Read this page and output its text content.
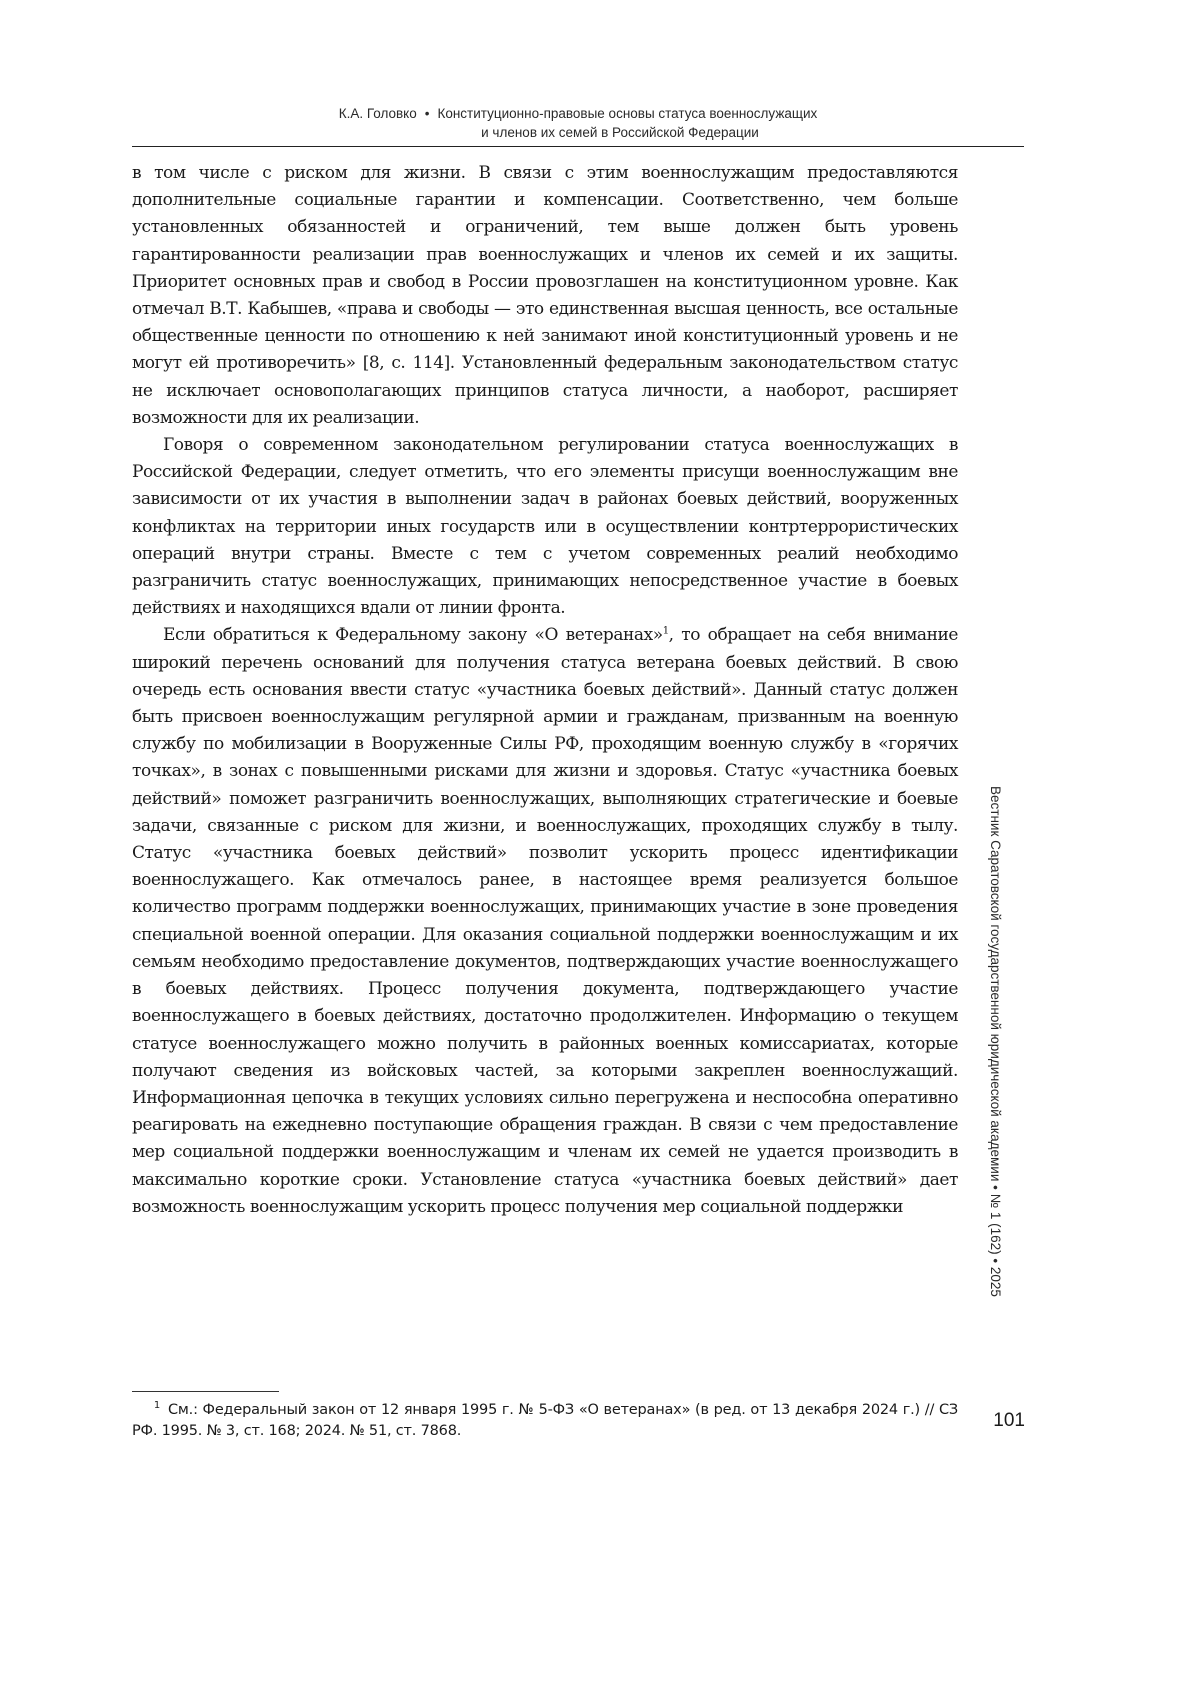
К.А. Головко • Конституционно-правовые основы статуса военнослужащих
и членов их семей в Российской Федерации

в том числе с риском для жизни. В связи с этим военнослужащим предоставляются дополнительные социальные гарантии и компенсации. Соответственно, чем больше установленных обязанностей и ограничений, тем выше должен быть уровень гарантированности реализации прав военнослужащих и членов их семей и их защиты. Приоритет основных прав и свобод в России провозглашен на конституционном уровне. Как отмечал В.Т. Кабышев, «права и свободы — это единственная высшая ценность, все остальные общественные ценности по отношению к ней занимают иной конституционный уровень и не могут ей противоречить» [8, с. 114]. Установленный федеральным законодательством статус не исключает основополагающих принципов статуса личности, а наоборот, расширяет возможности для их реализации.

Говоря о современном законодательном регулировании статуса военнослужащих в Российской Федерации, следует отметить, что его элементы присущи военнослужащим вне зависимости от их участия в выполнении задач в районах боевых действий, вооруженных конфликтах на территории иных государств или в осуществлении контртеррористических операций внутри страны. Вместе с тем с учетом современных реалий необходимо разграничить статус военнослужащих, принимающих непосредственное участие в боевых действиях и находящихся вдали от линии фронта.

Если обратиться к Федеральному закону «О ветеранах»$^1$, то обращает на себя внимание широкий перечень оснований для получения статуса ветерана боевых действий. В свою очередь есть основания ввести статус «участника боевых действий». Данный статус должен быть присвоен военнослужащим регулярной армии и гражданам, призванным на военную службу по мобилизации в Вооруженные Силы РФ, проходящим военную службу в «горячих точках», в зонах с повышенными рисками для жизни и здоровья. Статус «участника боевых действий» поможет разграничить военнослужащих, выполняющих стратегические и боевые задачи, связанные с риском для жизни, и военнослужащих, проходящих службу в тылу. Статус «участника боевых действий» позволит ускорить процесс идентификации военнослужащего. Как отмечалось ранее, в настоящее время реализуется большое количество программ поддержки военнослужащих, принимающих участие в зоне проведения специальной военной операции. Для оказания социальной поддержки военнослужащим и их семьям необходимо предоставление документов, подтверждающих участие военнослужащего в боевых действиях. Процесс получения документа, подтверждающего участие военнослужащего в боевых действиях, достаточно продолжителен. Информацию о текущем статусе военнослужащего можно получить в районных военных комиссариатах, которые получают сведения из войсковых частей, за которыми закреплен военнослужащий. Информационная цепочка в текущих условиях сильно перегружена и неспособна оперативно реагировать на ежедневно поступающие обращения граждан. В связи с чем предоставление мер социальной поддержки военнослужащим и членам их семей не удается производить в максимально короткие сроки. Установление статуса «участника боевых действий» дает возможность военнослужащим ускорить процесс получения мер социальной поддержки

1 См.: Федеральный закон от 12 января 1995 г. № 5-ФЗ «О ветеранах» (в ред. от 13 декабря 2024 г.) // СЗ РФ. 1995. № 3, ст. 168; 2024. № 51, ст. 7868.	101
Вестник Саратовской государственной юридической академии • № 1 (162) • 2025
